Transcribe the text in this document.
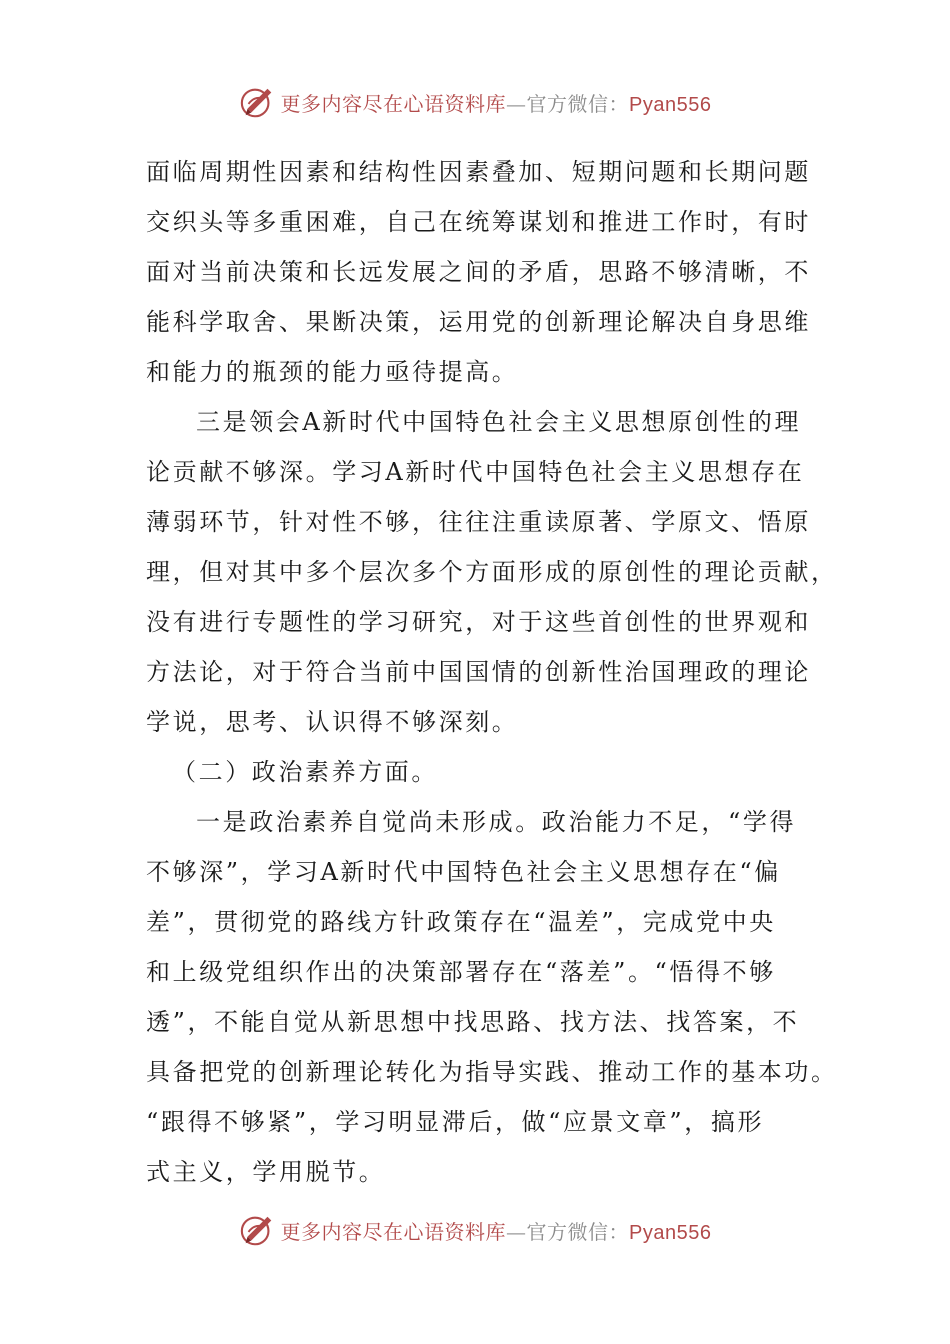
更多内容尽在心语资料库—官方微信：Pyan556
面临周期性因素和结构性因素叠加、短期问题和长期问题
交织头等多重困难，自己在统筹谋划和推进工作时，有时
面对当前决策和长远发展之间的矛盾，思路不够清晰，不
能科学取舍、果断决策，运用党的创新理论解决自身思维
和能力的瓶颈的能力亟待提高。
三是领会A新时代中国特色社会主义思想原创性的理
论贡献不够深。学习A新时代中国特色社会主义思想存在
薄弱环节，针对性不够，往往注重读原著、学原文、悟原
理，但对其中多个层次多个方面形成的原创性的理论贡献，
没有进行专题性的学习研究，对于这些首创性的世界观和
方法论，对于符合当前中国国情的创新性治国理政的理论
学说，思考、认识得不够深刻。
（二）政治素养方面。
一是政治素养自觉尚未形成。政治能力不足，“学得
不够深”，学习A新时代中国特色社会主义思想存在“偏
差”，贯彻党的路线方针政策存在“温差”，完成党中央
和上级党组织作出的决策部署存在“落差”。“悟得不够
透”，不能自觉从新思想中找思路、找方法、找答案，不
具备把党的创新理论转化为指导实践、推动工作的基本功。
“跟得不够紧”，学习明显滞后，做“应景文章”，搞形
式主义，学用脱节。
更多内容尽在心语资料库—官方微信：Pyan556
